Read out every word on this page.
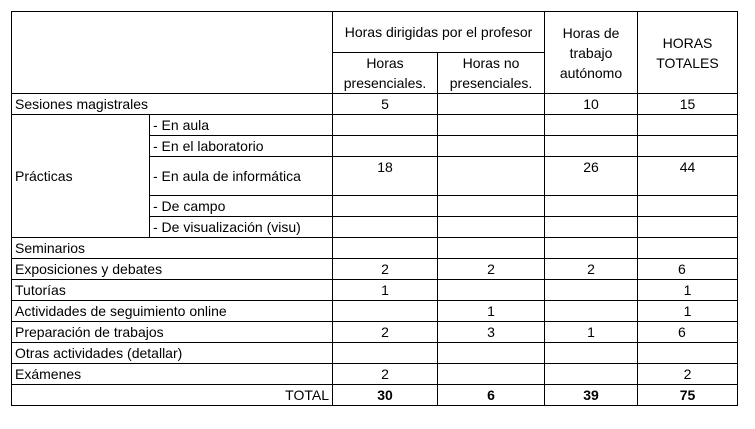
		Horas dirigidas por el profesor		Horas de trabajo autónomo	HORAS TOTALES
		Horas presenciales.	Horas no presenciales.		
Sesiones magistrales		5		10	15
Prácticas	- En aula				
	- En el laboratorio				
	- En aula de informática	18		26	44
	- De campo				
	- De visualización (visu)				
Seminarios					
Exposiciones y debates		2	2	2	6
Tutorías		1			1
Actividades de seguimiento online			1		1
Preparación de trabajos		2	3	1	6
Otras actividades (detallar)					
Exámenes		2			2
TOTAL		30	6	39	75
